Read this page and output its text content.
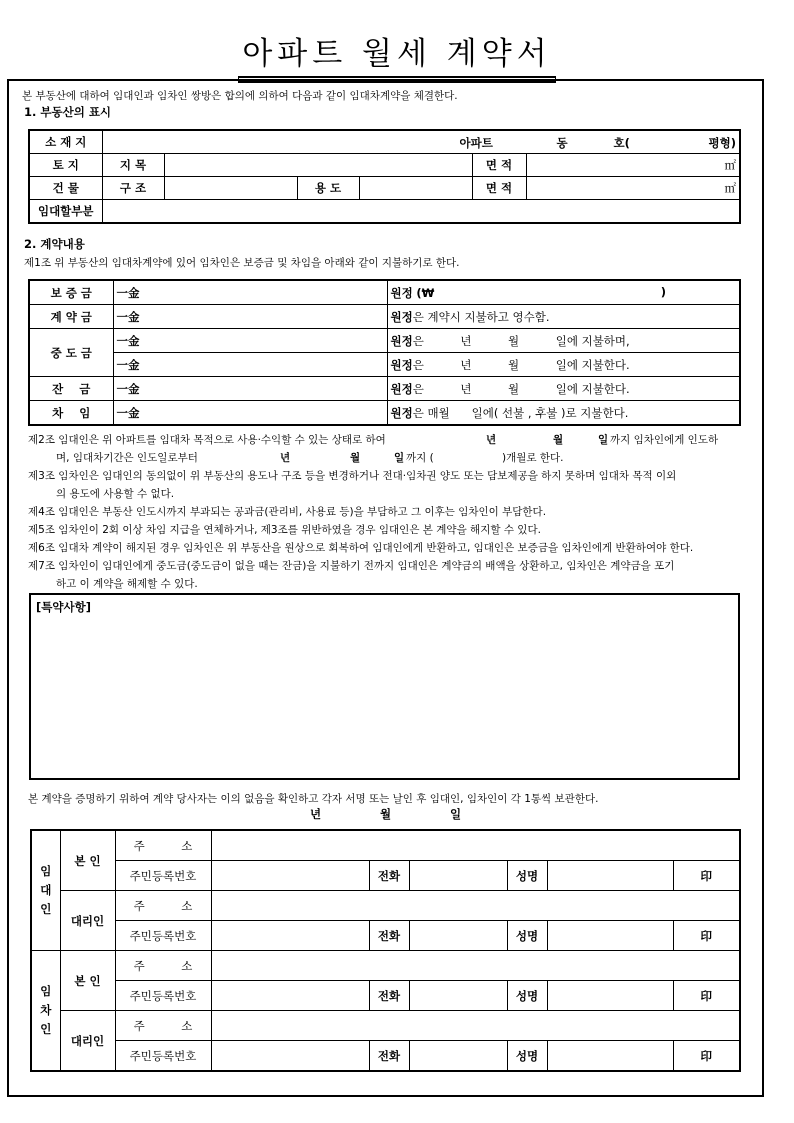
아파트 월세 계약서
본 부동산에 대하여 임대인과 임차인 쌍방은 합의에 의하여 다음과 같이 임대차계약을 체결한다.
1. 부동산의 표시
소 재 지	아파트 동 호( 평형)					

토 지	지 목				면 적	㎡
건 물	구 조		용 도		면 적	㎡
임대할부분						
2. 계약내용
제1조 위 부동산의 임대차계약에 있어 임차인은 보증금 및 차임을 아래와 같이 지불하기로 한다.
보 증 금	一金	원정 (₩ )

계 약 금	一金	원정은 계약시 지불하고 영수함.
중 도 금	一金	원정은          년          월          일에 지불하며,
	一金	원정은          년          월          일에 지불한다.
잔    금	一金	원정은          년          월          일에 지불한다.
차    임	一金	원정은 매월      일에( 선불 , 후불 )로 지불한다.
제2조 임대인은 위 아파트를 임대차 목적으로 사용·수익할 수 있는 상태로 하여	년	월	일 까지 임차인에게 인도하
며, 임대차기간은 인도일로부터	년	월	일 까지 (	)개월로 한다.
제3조 임차인은 임대인의 동의없이 위 부동산의 용도나 구조 등을 변경하거나 전대·임차권 양도 또는 담보제공을 하지 못하며 임대차 목적 이외
의 용도에 사용할 수 없다.
제4조 임대인은 부동산 인도시까지 부과되는 공과금(관리비, 사용료 등)을 부담하고 그 이후는 임차인이 부담한다.
제5조 임차인이 2회 이상 차임 지급을 연체하거나, 제3조를 위반하였을 경우 임대인은 본 계약을 해지할 수 있다.
제6조 임대차 계약이 해지된 경우 임차인은 위 부동산을 원상으로 회복하여 임대인에게 반환하고, 임대인은 보증금을 임차인에게 반환하여야 한다.
제7조 임차인이 임대인에게 중도금(중도금이 없을 때는 잔금)을 지불하기 전까지 임대인은 계약금의 배액을 상환하고, 임차인은 계약금을 포기
하고 이 계약을 해제할 수 있다.
[특약사항]
본 계약을 증명하기 위하여 계약 당사자는 이의 없음을 확인하고 각자 서명 또는 날인 후 임대인, 임차인이 각 1통씩 보관한다.
년	월	일
임대인	본 인	주          소						
		주민등록번호		전화		성명		印
	대리인	주          소						
		주민등록번호		전화		성명		印
임차인	본 인	주          소						
		주민등록번호		전화		성명		印
	대리인	주          소						
		주민등록번호		전화		성명		印
